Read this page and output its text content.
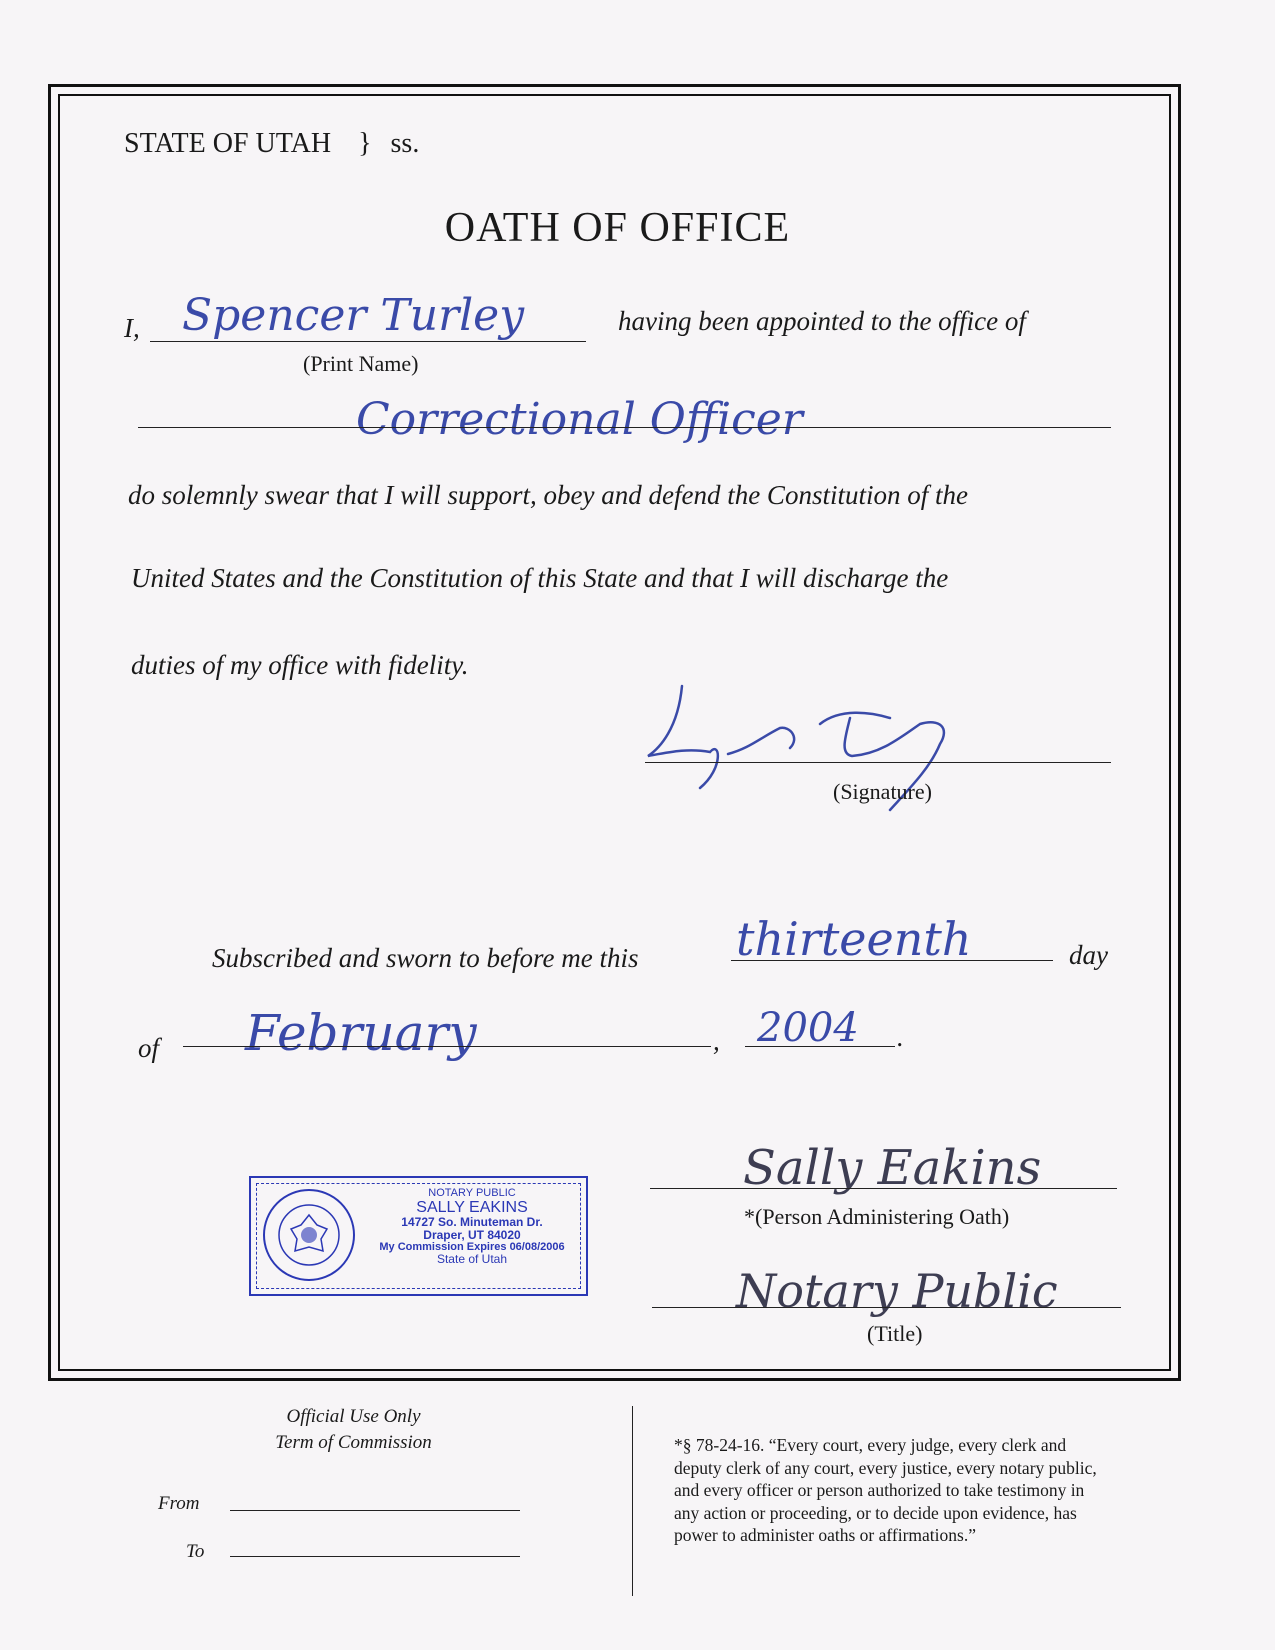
STATE OF UTAH } ss.
OATH OF OFFICE
I, Spencer Turley
(Print Name)
having been appointed to the office of
Correctional Officer
do solemnly swear that I will support, obey and defend the Constitution of the
United States and the Constitution of this State and that I will discharge the
duties of my office with fidelity.
(Signature)
Subscribed and sworn to before me this thirteenth	day
of February	, 2004 .
NOTARY PUBLIC
SALLY EAKINS
14727 So. Minuteman Dr.
Draper, UT 84020
My Commission Expires 06/08/2006
State of Utah
Sally Eakins
*(Person Administering Oath)
Notary Public
(Title)
Official Use Only
Term of Commission
From
To
*§ 78-24-16. “Every court, every judge, every clerk and
deputy clerk of any court, every justice, every notary public,
and every officer or person authorized to take testimony in
any action or proceeding, or to decide upon evidence, has
power to administer oaths or affirmations.”
